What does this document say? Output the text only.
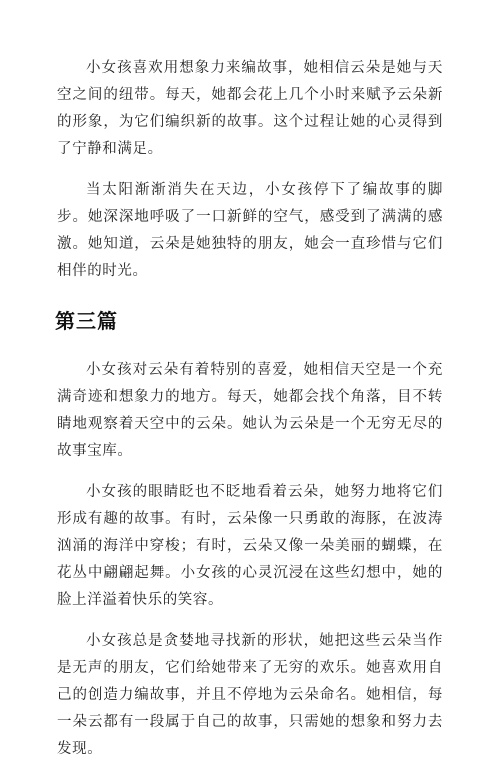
小女孩喜欢用想象力来编故事，她相信云朵是她与天空之间的纽带。每天，她都会花上几个小时来赋予云朵新的形象，为它们编织新的故事。这个过程让她的心灵得到了宁静和满足。

当太阳渐渐消失在天边，小女孩停下了编故事的脚步。她深深地呼吸了一口新鲜的空气，感受到了满满的感激。她知道，云朵是她独特的朋友，她会一直珍惜与它们相伴的时光。

第三篇

小女孩对云朵有着特别的喜爱，她相信天空是一个充满奇迹和想象力的地方。每天，她都会找个角落，目不转睛地观察着天空中的云朵。她认为云朵是一个无穷无尽的故事宝库。

小女孩的眼睛眨也不眨地看着云朵，她努力地将它们形成有趣的故事。有时，云朵像一只勇敢的海豚，在波涛汹涌的海洋中穿梭；有时，云朵又像一朵美丽的蝴蝶，在花丛中翩翩起舞。小女孩的心灵沉浸在这些幻想中，她的脸上洋溢着快乐的笑容。

小女孩总是贪婪地寻找新的形状，她把这些云朵当作是无声的朋友，它们给她带来了无穷的欢乐。她喜欢用自己的创造力编故事，并且不停地为云朵命名。她相信，每一朵云都有一段属于自己的故事，只需她的想象和努力去发现。
